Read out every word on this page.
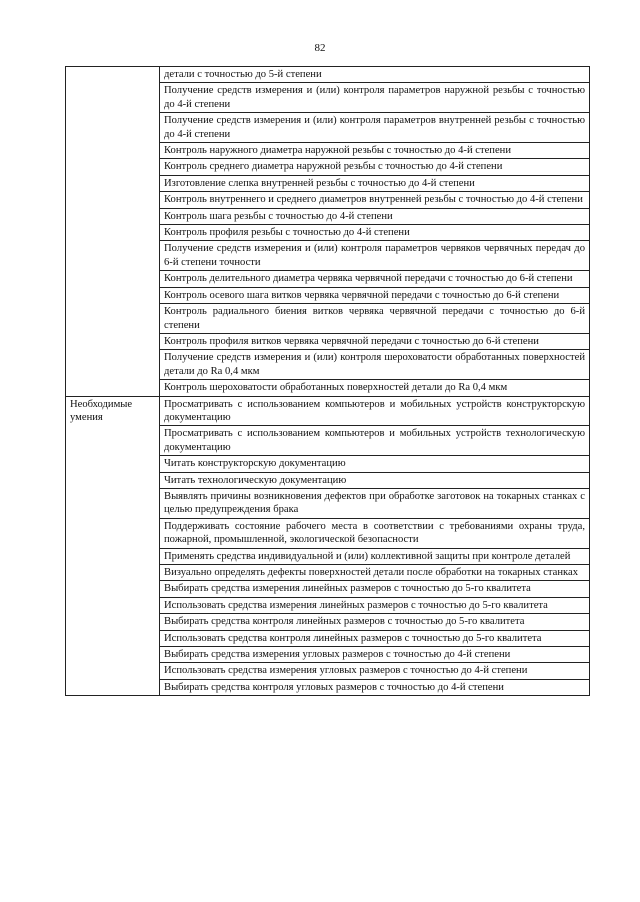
82
	детали с точностью до 5-й степени
	Получение средств измерения и (или) контроля параметров наружной резьбы с точностью до 4-й степени
	Получение средств измерения и (или) контроля параметров внутренней резьбы с точностью до 4-й степени
	Контроль наружного диаметра наружной резьбы с точностью до 4-й степени
	Контроль среднего диаметра наружной резьбы с точностью до 4-й степени
	Изготовление слепка внутренней резьбы с точностью до 4-й степени
	Контроль внутреннего и среднего диаметров внутренней резьбы с точностью до 4-й степени
	Контроль шага резьбы с точностью до 4-й степени
	Контроль профиля резьбы с точностью до 4-й степени
	Получение средств измерения и (или) контроля параметров червяков червячных передач до 6-й степени точности
	Контроль делительного диаметра червяка червячной передачи с точностью до 6-й степени
	Контроль осевого шага витков червяка червячной передачи с точностью до 6-й степени
	Контроль радиального биения витков червяка червячной передачи с точностью до 6-й степени
	Контроль профиля витков червяка червячной передачи с точностью до 6-й степени
	Получение средств измерения и (или) контроля шероховатости обработанных поверхностей детали до Ra 0,4 мкм
	Контроль шероховатости обработанных поверхностей детали до Ra 0,4 мкм

Необходимые умения	Просматривать с использованием компьютеров и мобильных устройств конструкторскую документацию
	Просматривать с использованием компьютеров и мобильных устройств технологическую документацию
	Читать конструкторскую документацию
	Читать технологическую документацию
	Выявлять причины возникновения дефектов при обработке заготовок на токарных станках с целью предупреждения брака
	Поддерживать состояние рабочего места в соответствии с требованиями охраны труда, пожарной, промышленной, экологической безопасности
	Применять средства индивидуальной и (или) коллективной защиты при контроле деталей
	Визуально определять дефекты поверхностей детали после обработки на токарных станках
	Выбирать средства измерения линейных размеров с точностью до 5-го квалитета
	Использовать средства измерения линейных размеров с точностью до 5-го квалитета
	Выбирать средства контроля линейных размеров с точностью до 5-го квалитета
	Использовать средства контроля линейных размеров с точностью до 5-го квалитета
	Выбирать средства измерения угловых размеров с точностью до 4-й степени
	Использовать средства измерения угловых размеров с точностью до 4-й степени
	Выбирать средства контроля угловых размеров с точностью до 4-й степени
